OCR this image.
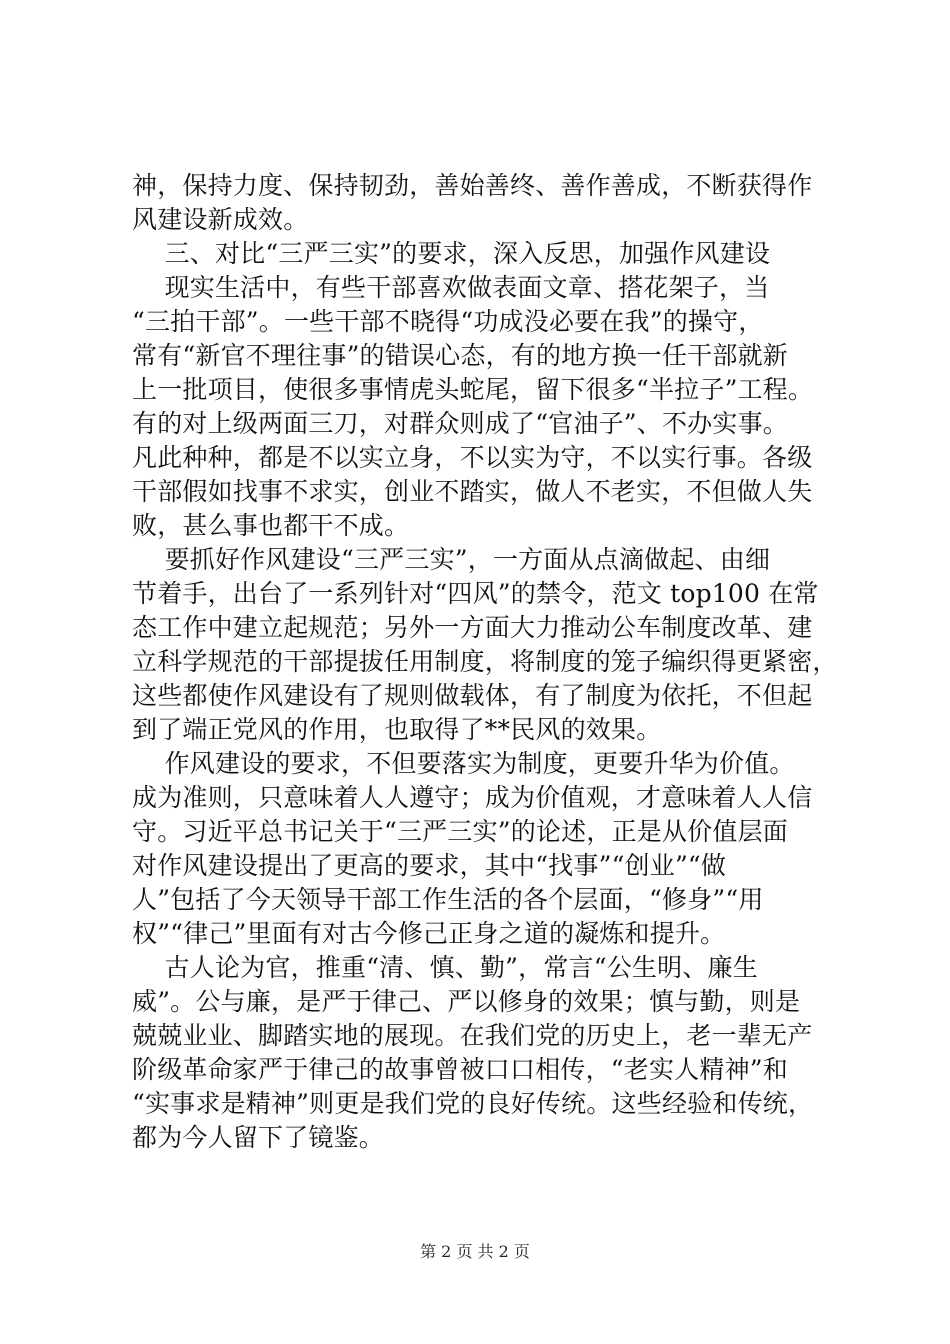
神，保持力度、保持韧劲，善始善终、善作善成，不断获得作
风建设新成效。
三、对比“三严三实”的要求，深入反思，加强作风建设
现实生活中，有些干部喜欢做表面文章、搭花架子，当
“三拍干部”。一些干部不晓得“功成没必要在我”的操守，
常有“新官不理往事”的错误心态，有的地方换一任干部就新
上一批项目，使很多事情虎头蛇尾，留下很多“半拉子”工程。
有的对上级两面三刀，对群众则成了“官油子”、不办实事。
凡此种种，都是不以实立身，不以实为守，不以实行事。各级
干部假如找事不求实，创业不踏实，做人不老实，不但做人失
败，甚么事也都干不成。
要抓好作风建设“三严三实”，一方面从点滴做起、由细
节着手，出台了一系列针对“四风”的禁令，范文 top100 在常
态工作中建立起规范；另外一方面大力推动公车制度改革、建
立科学规范的干部提拔任用制度，将制度的笼子编织得更紧密，
这些都使作风建设有了规则做载体，有了制度为依托，不但起
到了端正党风的作用，也取得了**民风的效果。
作风建设的要求，不但要落实为制度，更要升华为价值。
成为准则，只意味着人人遵守；成为价值观，才意味着人人信
守。习近平总书记关于“三严三实”的论述，正是从价值层面
对作风建设提出了更高的要求，其中“找事”“创业”“做
人”包括了今天领导干部工作生活的各个层面，“修身”“用
权”“律己”里面有对古今修己正身之道的凝炼和提升。
古人论为官，推重“清、慎、勤”，常言“公生明、廉生
威”。公与廉，是严于律己、严以修身的效果；慎与勤，则是
兢兢业业、脚踏实地的展现。在我们党的历史上，老一辈无产
阶级革命家严于律己的故事曾被口口相传，“老实人精神”和
“实事求是精神”则更是我们党的良好传统。这些经验和传统，
都为今人留下了镜鉴。
第 2 页 共 2 页
